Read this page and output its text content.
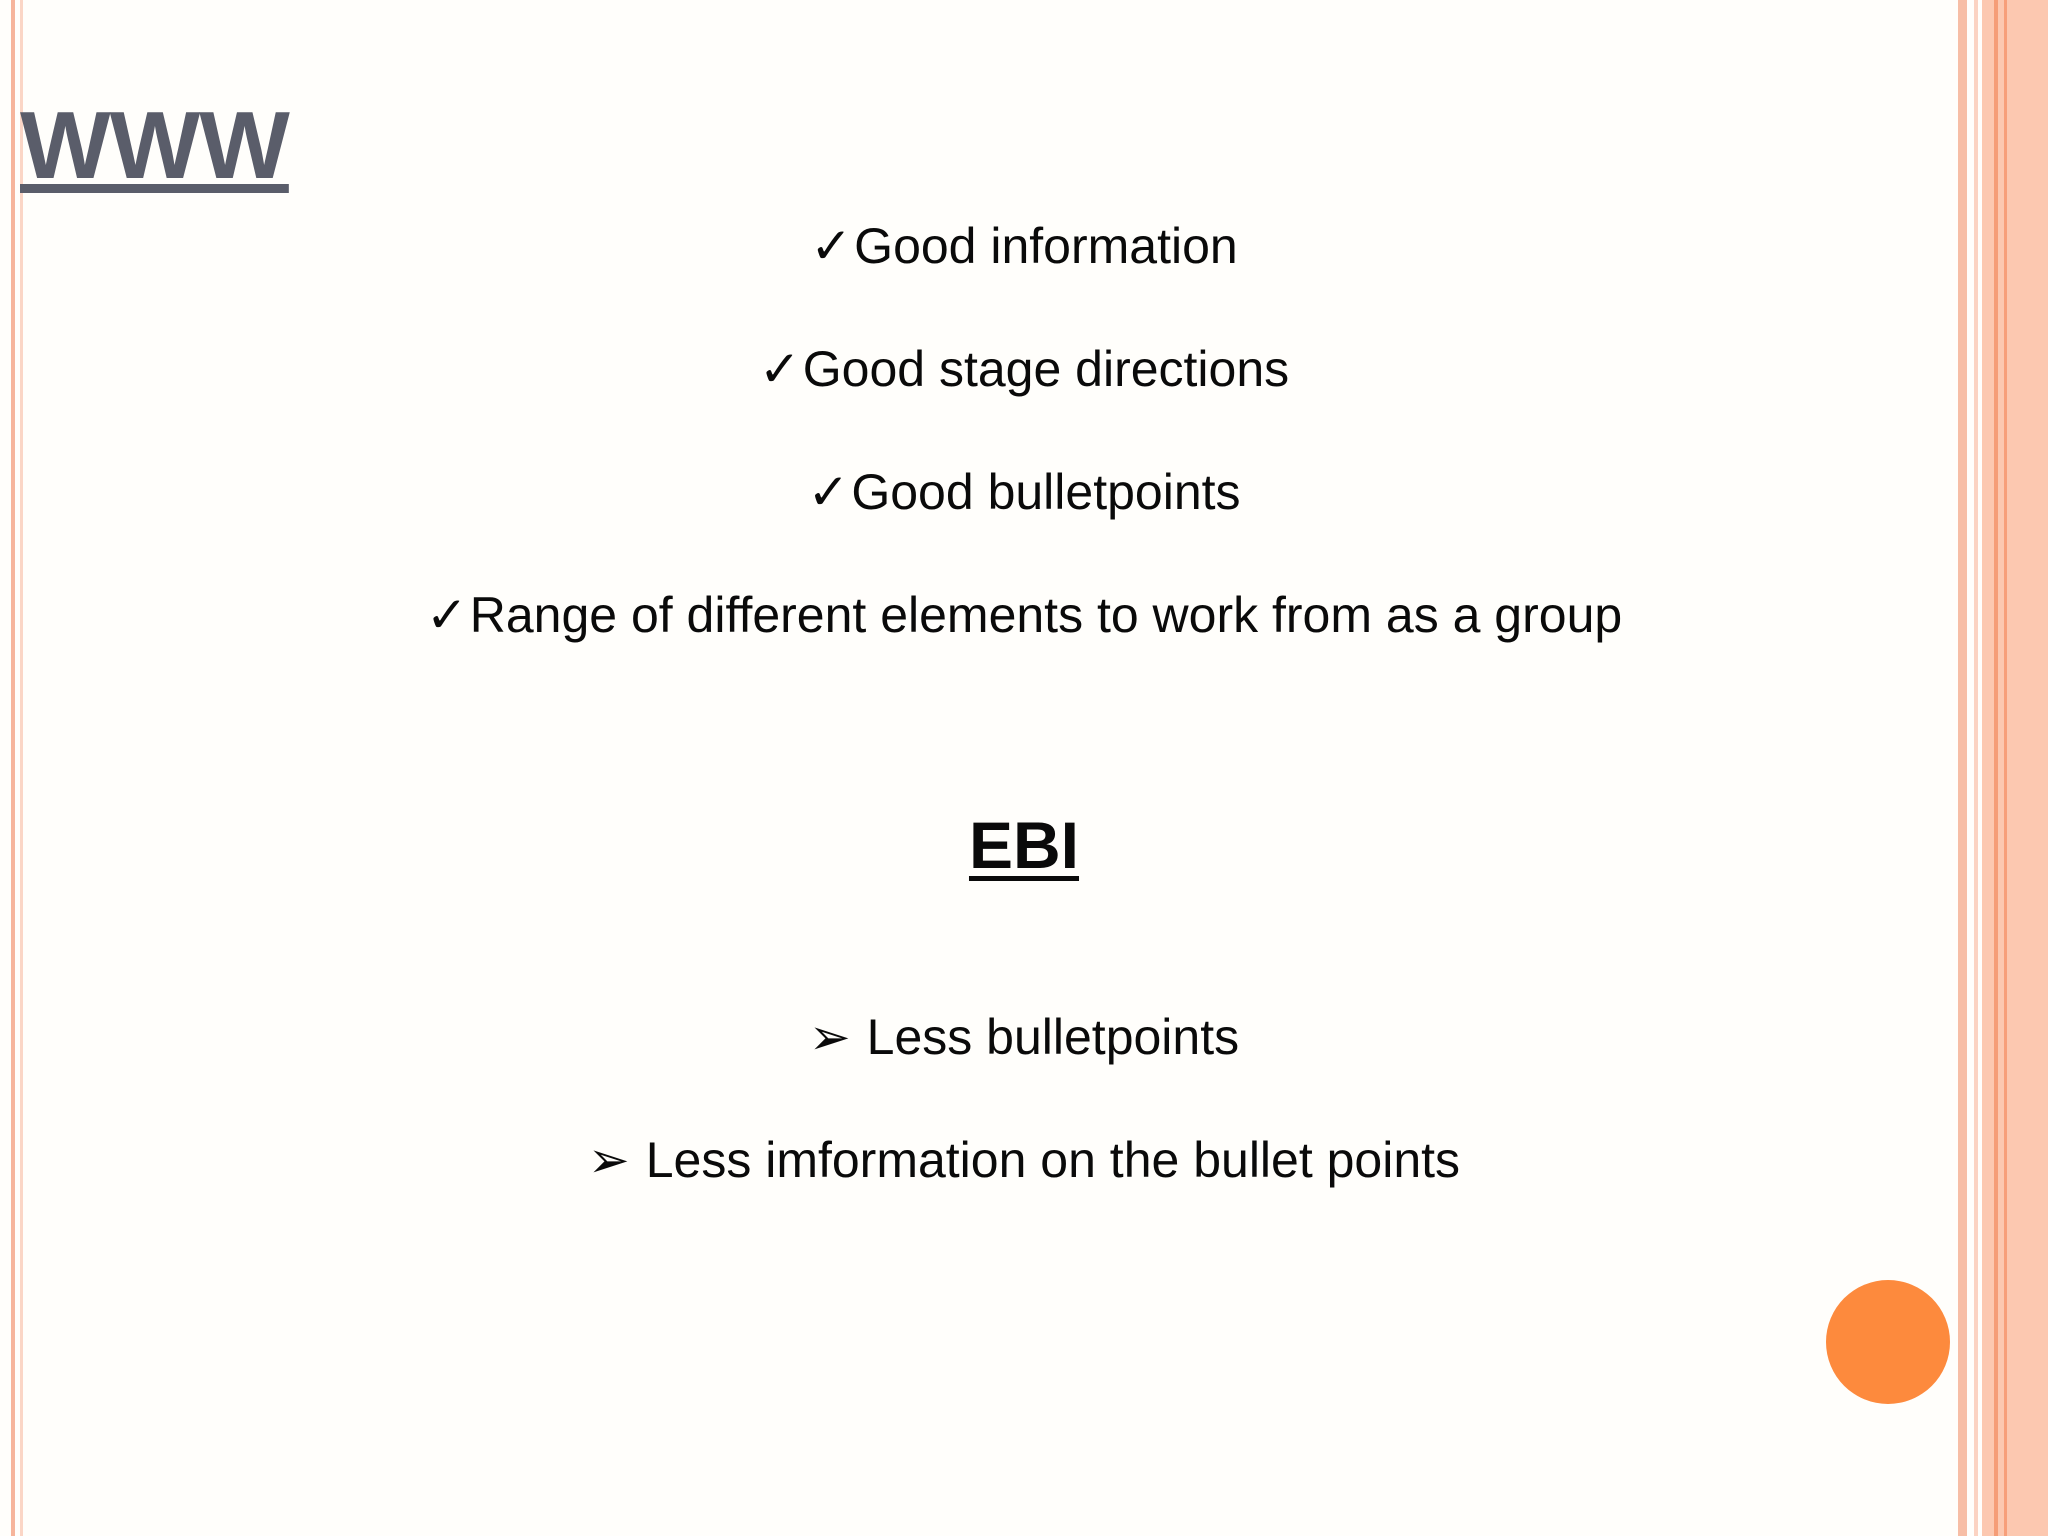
WWW
✓Good information
✓Good stage directions
✓Good bulletpoints
✓Range of different elements to work from as a group
EBI
➢ Less bulletpoints
➢ Less imformation on the bullet points
